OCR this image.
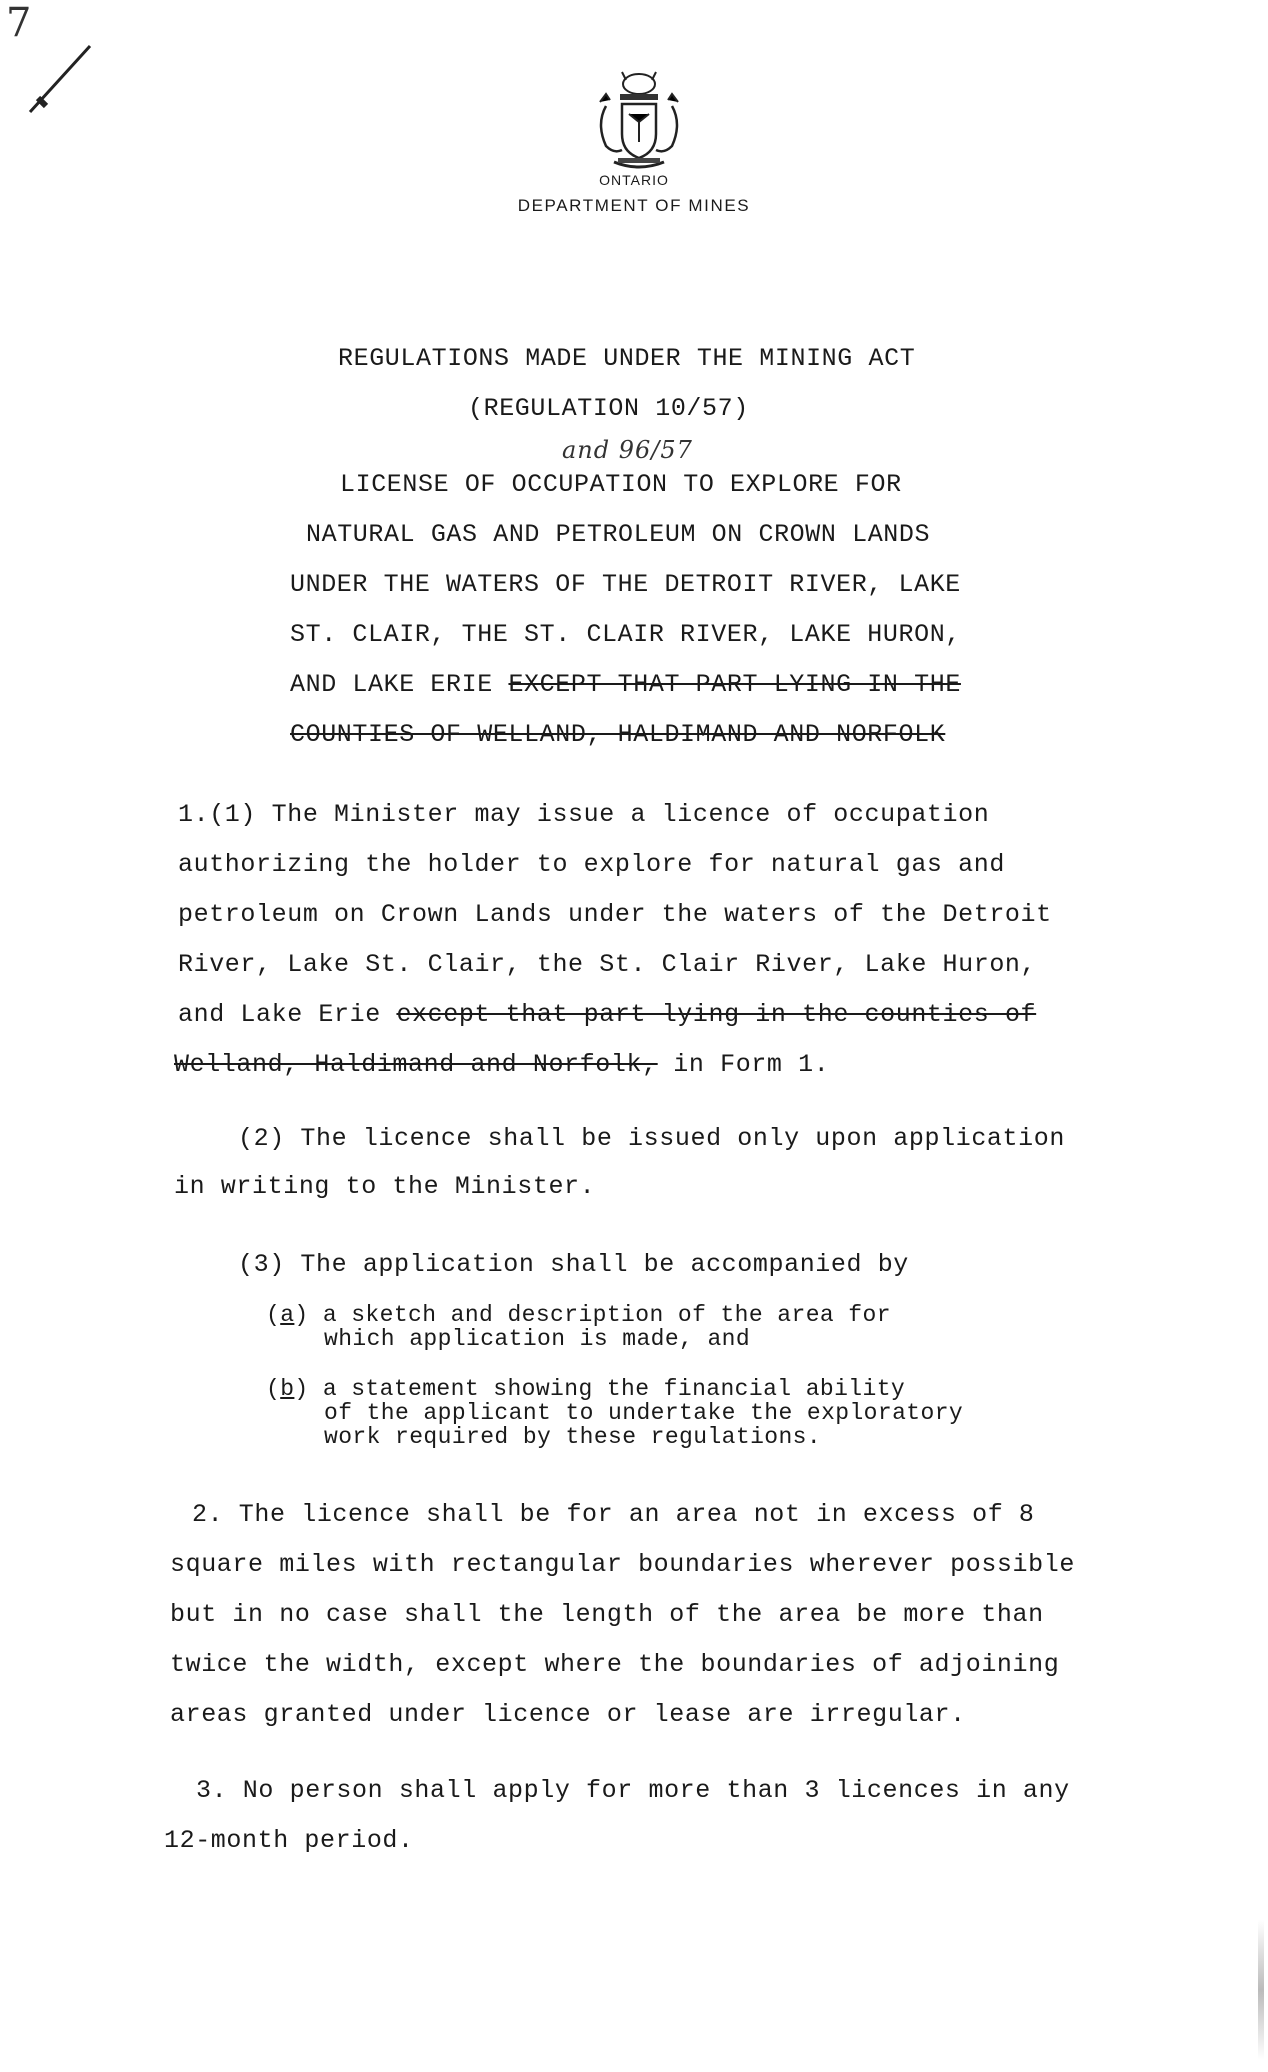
7
ONTARIO
DEPARTMENT OF MINES
REGULATIONS MADE UNDER THE MINING ACT
(REGULATION 10/57)
and 96/57
LICENSE OF OCCUPATION TO EXPLORE FOR
NATURAL GAS AND PETROLEUM ON CROWN LANDS
UNDER THE WATERS OF THE DETROIT RIVER, LAKE
ST. CLAIR, THE ST. CLAIR RIVER, LAKE HURON,
AND LAKE ERIE EXCEPT THAT PART LYING IN THE
COUNTIES OF WELLAND, HALDIMAND AND NORFOLK
1.(1) The Minister may issue a licence of occupation
authorizing the holder to explore for natural gas and
petroleum on Crown Lands under the waters of the Detroit
River, Lake St. Clair, the St. Clair River, Lake Huron,
and Lake Erie except that part lying in the counties of
Welland, Haldimand and Norfolk, in Form 1.
(2) The licence shall be issued only upon application
in writing to the Minister.
(3) The application shall be accompanied by
(a) a sketch and description of the area for
which application is made, and
(b) a statement showing the financial ability
of the applicant to undertake the exploratory
work required by these regulations.
2. The licence shall be for an area not in excess of 8
square miles with rectangular boundaries wherever possible
but in no case shall the length of the area be more than
twice the width, except where the boundaries of adjoining
areas granted under licence or lease are irregular.
3. No person shall apply for more than 3 licences in any
12-month period.
